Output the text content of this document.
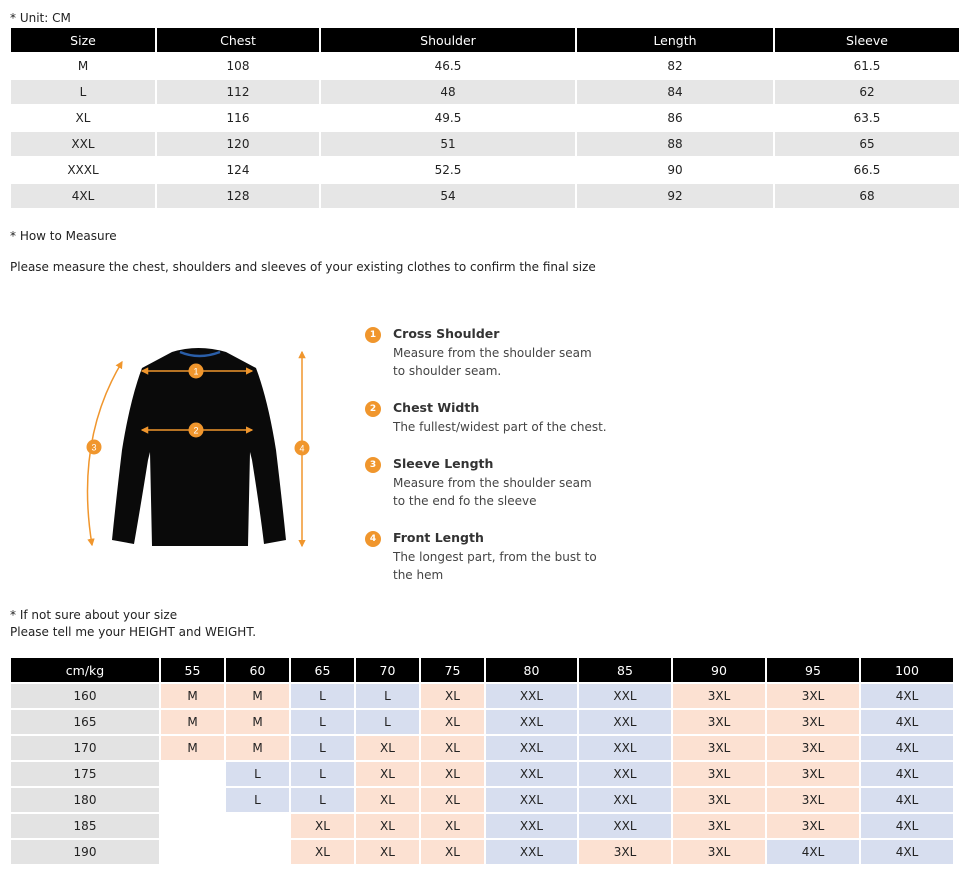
* Unit: CM
Size	Chest	Shoulder	Length	Sleeve
M	108	46.5	82	61.5
L	112	48	84	62
XL	116	49.5	86	63.5
XXL	120	51	88	65
XXXL	124	52.5	90	66.5
4XL	128	54	92	68
* How to Measure
Please measure the chest, shoulders and sleeves of your existing clothes to confirm the final size
1
2
3	4
1	Cross Shoulder
Measure from the shoulder seam to shoulder seam.
2	Chest Width
The fullest/widest part of the chest.
3	Sleeve Length
Measure from the shoulder seam to the end fo the sleeve
4	Front Length
The longest part, from the bust to the hem
* If not sure about your size
Please tell me your HEIGHT and WEIGHT.
cm/kg	55	60	65	70	75	80	85	90	95	100
160	M	M	L	L	XL	XXL	XXL	3XL	3XL	4XL
165	M	M	L	L	XL	XXL	XXL	3XL	3XL	4XL
170	M	M	L	XL	XL	XXL	XXL	3XL	3XL	4XL
175		L	L	XL	XL	XXL	XXL	3XL	3XL	4XL
180		L	L	XL	XL	XXL	XXL	3XL	3XL	4XL
185			XL	XL	XL	XXL	XXL	3XL	3XL	4XL
190			XL	XL	XL	XXL	3XL	3XL	4XL	4XL
